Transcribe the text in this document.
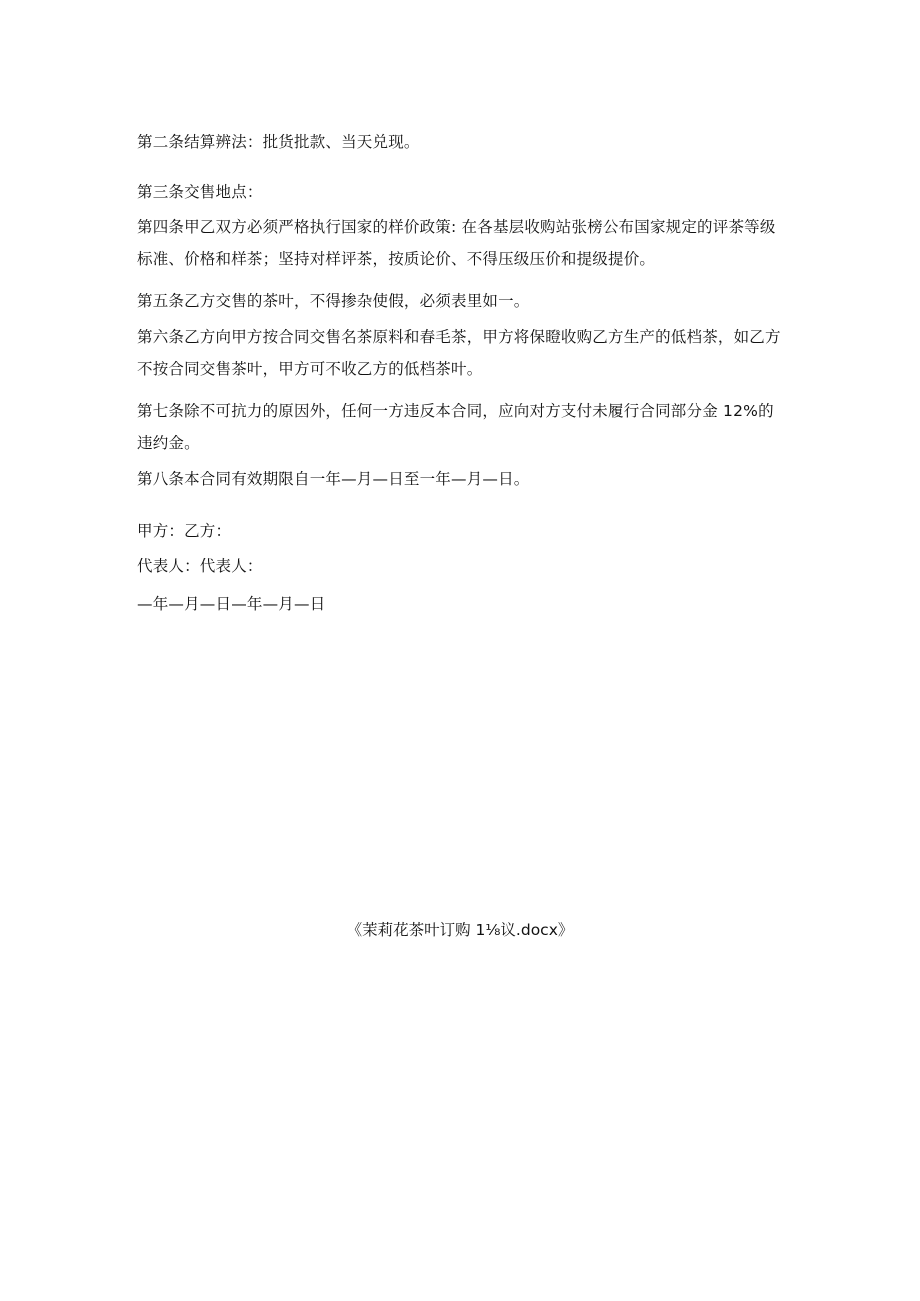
第二条结算辨法：批货批款、当天兑现。

第三条交售地点：

第四条甲乙双方必须严格执行国家的样价政策: 在各基层收购站张榜公布国家规定的评茶等级标准、价格和样茶；坚持对样评茶，按质论价、不得压级压价和提级提价。

第五条乙方交售的茶叶，不得掺杂使假，必须表里如一。

第六条乙方向甲方按合同交售名茶原料和春毛茶，甲方将保瞪收购乙方生产的低档茶，如乙方不按合同交售茶叶，甲方可不收乙方的低档茶叶。

第七条除不可抗力的原因外，任何一方违反本合同，应向对方支付未履行合同部分金 12%的违约金。

第八条本合同有效期限自一年—月—日至一年—月—日。

甲方：乙方：

代表人：代表人：

—年—月—日—年—月—日

《茉莉花茶叶订购 1⅛议.docx》
